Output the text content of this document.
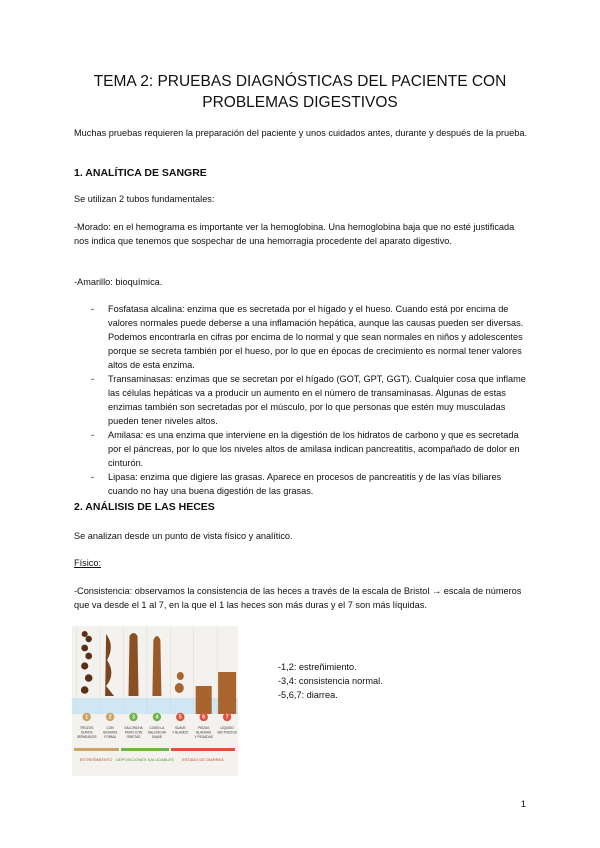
TEMA 2: PRUEBAS DIAGNÓSTICAS DEL PACIENTE CON
PROBLEMAS DIGESTIVOS
Muchas pruebas requieren la preparación del paciente y unos cuidados antes, durante y después de la prueba.
1. ANALÍTICA DE SANGRE
Se utilizan 2 tubos fundamentales:
-Morado: en el hemograma es importante ver la hemoglobina. Una hemoglobina baja que no esté justificada nos indica que tenemos que sospechar de una hemorragia procedente del aparato digestivo.
-Amarillo: bioquímica.
- Fosfatasa alcalina: enzima que es secretada por el hígado y el hueso. Cuando está por encima de valores normales puede deberse a una inflamación hepática, aunque las causas pueden ser diversas. Podemos encontrarla en cifras por encima de lo normal y que sean normales en niños y adolescentes porque se secreta también por el hueso, por lo que en épocas de crecimiento es normal tener valores altos de esta enzima.
- Transaminasas: enzimas que se secretan por el hígado (GOT, GPT, GGT). Cualquier cosa que inflame las células hepáticas va a producir un aumento en el número de transaminasas. Algunas de estas enzimas también son secretadas por el músculo, por lo que personas que estén muy musculadas pueden tener niveles altos.
- Amilasa: es una enzima que interviene en la digestión de los hidratos de carbono y que es secretada por el páncreas, por lo que los niveles altos de amilasa indican pancreatitis, acompañado de dolor en cinturón.
- Lipasa: enzima que digiere las grasas. Aparece en procesos de pancreatitis y de las vías biliares cuando no hay una buena digestión de las grasas.
2. ANÁLISIS DE LAS HECES
Se analizan desde un punto de vista físico y analítico.
Físico:
-Consistencia: observamos la consistencia de las heces a través de la escala de Bristol → escala de números que va desde el 1 al 7, en la que el 1 las heces son más duras y el 7 son más líquidas.
1
TROZOS
DUROS
SEPARADOS
2
CON
GRUMOS
FORMA
3
SALCHICHA
PERO CON
GRIETAS
4
COMO LA
SALCHICHA
SUAVE
5
SUAVE
Y BLANDO
6
PIEZAS
BLANDAS
Y PEGADAS
7
LÍQUIDO
SIN TROZOS
ESTREÑIMIENTO DEPOSICIONES SALUDABLES ESTADO DE DIARREA
-1,2: estreñimiento.
-3,4: consistencia normal.
-5,6,7: diarrea.
1
